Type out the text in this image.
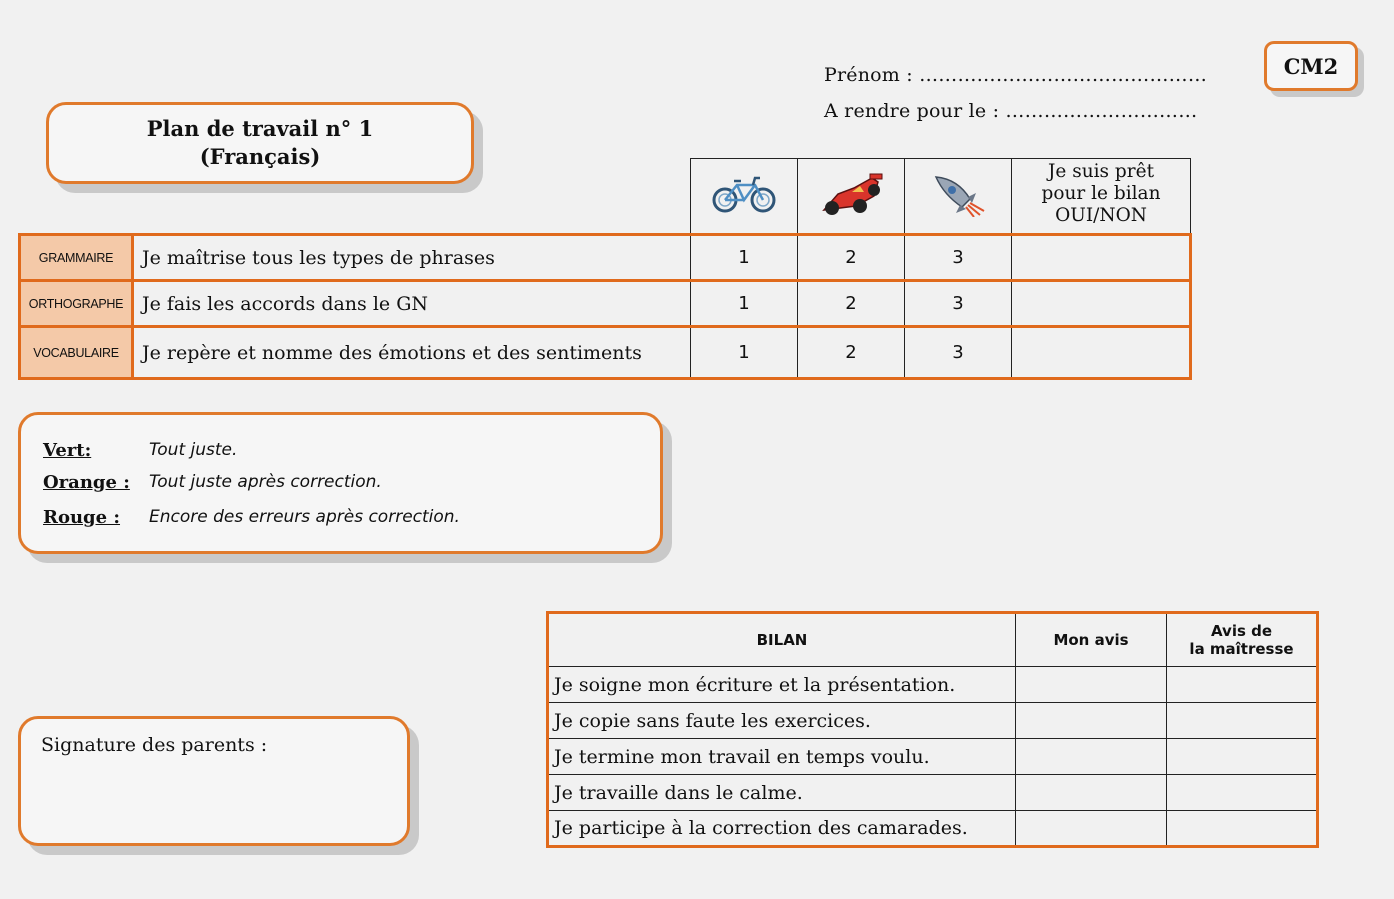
Prénom : ………………………………………
A rendre pour le : …………………………
CM2
Plan de travail n° 1
(Français)

Je suis prêt
pour le bilan
OUI/NON

GRAMMAIRE	Je maîtrise tous les types de phrases	1	2	3	
ORTHOGRAPHE	Je fais les accords dans le GN	1	2	3	
VOCABULAIRE	Je repère et nomme des émotions et des sentiments	1	2	3	
Vert:	Tout juste.
Orange : Tout juste après correction.
Rouge : Encore des erreurs après correction.
BILAN	Mon avis	Avis de
la maîtresse

Je soigne mon écriture et la présentation.		
Je copie sans faute les exercices.		
Je termine mon travail en temps voulu.		
Je travaille dans le calme.		
Je participe à la correction des camarades.		
Signature des parents :
